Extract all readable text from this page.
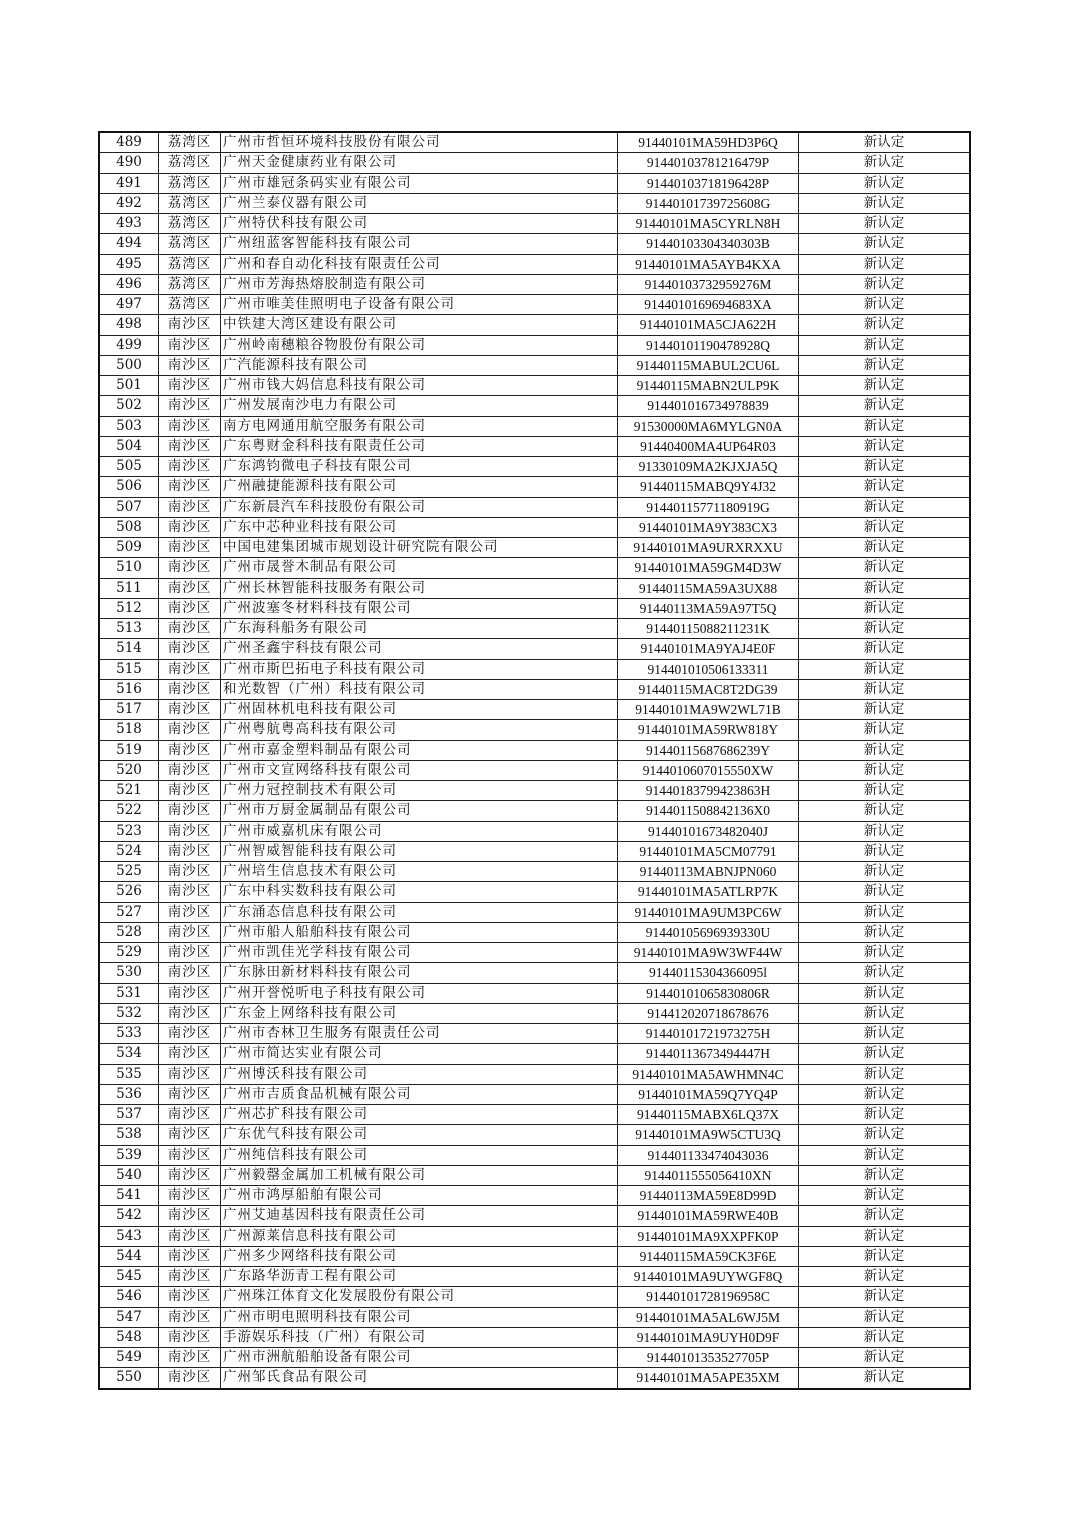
489	荔湾区	广州市哲恒环境科技股份有限公司	91440101MA59HD3P6Q	新认定
490	荔湾区	广州天金健康药业有限公司	91440103781216479P	新认定
491	荔湾区	广州市雄冠条码实业有限公司	91440103718196428P	新认定
492	荔湾区	广州兰泰仪器有限公司	91440101739725608G	新认定
493	荔湾区	广州特伏科技有限公司	91440101MA5CYRLN8H	新认定
494	荔湾区	广州纽蓝客智能科技有限公司	91440103304340303B	新认定
495	荔湾区	广州和春自动化科技有限责任公司	91440101MA5AYB4KXA	新认定
496	荔湾区	广州市芳海热熔胶制造有限公司	91440103732959276M	新认定
497	荔湾区	广州市唯美佳照明电子设备有限公司	9144010169694683XA	新认定
498	南沙区	中铁建大湾区建设有限公司	91440101MA5CJA622H	新认定
499	南沙区	广州岭南穗粮谷物股份有限公司	91440101190478928Q	新认定
500	南沙区	广汽能源科技有限公司	91440115MABUL2CU6L	新认定
501	南沙区	广州市钱大妈信息科技有限公司	91440115MABN2ULP9K	新认定
502	南沙区	广州发展南沙电力有限公司	914401016734978839	新认定
503	南沙区	南方电网通用航空服务有限公司	91530000MA6MYLGN0A	新认定
504	南沙区	广东粤财金科科技有限责任公司	91440400MA4UP64R03	新认定
505	南沙区	广东鸿钧微电子科技有限公司	91330109MA2KJXJA5Q	新认定
506	南沙区	广州融捷能源科技有限公司	91440115MABQ9Y4J32	新认定
507	南沙区	广东新晨汽车科技股份有限公司	91440115771180919G	新认定
508	南沙区	广东中芯种业科技有限公司	91440101MA9Y383CX3	新认定
509	南沙区	中国电建集团城市规划设计研究院有限公司	91440101MA9URXRXXU	新认定
510	南沙区	广州市晟誉木制品有限公司	91440101MA59GM4D3W	新认定
511	南沙区	广州长林智能科技服务有限公司	91440115MA59A3UX88	新认定
512	南沙区	广州波塞冬材料科技有限公司	91440113MA59A97T5Q	新认定
513	南沙区	广东海科船务有限公司	91440115088211231K	新认定
514	南沙区	广州圣鑫宇科技有限公司	91440101MA9YAJ4E0F	新认定
515	南沙区	广州市斯巴拓电子科技有限公司	914401010506133311	新认定
516	南沙区	和光数智（广州）科技有限公司	91440115MAC8T2DG39	新认定
517	南沙区	广州固林机电科技有限公司	91440101MA9W2WL71B	新认定
518	南沙区	广州粤航粤高科技有限公司	91440101MA59RW818Y	新认定
519	南沙区	广州市嘉金塑料制品有限公司	91440115687686239Y	新认定
520	南沙区	广州市文宣网络科技有限公司	9144010607015550XW	新认定
521	南沙区	广州力冠控制技术有限公司	91440183799423863H	新认定
522	南沙区	广州市万厨金属制品有限公司	9144011508842136X0	新认定
523	南沙区	广州市威嘉机床有限公司	91440101673482040J	新认定
524	南沙区	广州智威智能科技有限公司	91440101MA5CM07791	新认定
525	南沙区	广州培生信息技术有限公司	91440113MABNJPN060	新认定
526	南沙区	广东中科实数科技有限公司	91440101MA5ATLRP7K	新认定
527	南沙区	广东涌态信息科技有限公司	91440101MA9UM3PC6W	新认定
528	南沙区	广州市船人船舶科技有限公司	91440105696939330U	新认定
529	南沙区	广州市凯佳光学科技有限公司	91440101MA9W3WF44W	新认定
530	南沙区	广东脉田新材料科技有限公司	91440115304366095l	新认定
531	南沙区	广州开誉悦听电子科技有限公司	91440101065830806R	新认定
532	南沙区	广东金上网络科技有限公司	914412020718678676	新认定
533	南沙区	广州市杏林卫生服务有限责任公司	91440101721973275H	新认定
534	南沙区	广州市简达实业有限公司	91440113673494447H	新认定
535	南沙区	广州博沃科技有限公司	91440101MA5AWHMN4C	新认定
536	南沙区	广州市吉质食品机械有限公司	91440101MA59Q7YQ4P	新认定
537	南沙区	广州芯扩科技有限公司	91440115MABX6LQ37X	新认定
538	南沙区	广东优气科技有限公司	91440101MA9W5CTU3Q	新认定
539	南沙区	广州纯信科技有限公司	914401133474043036	新认定
540	南沙区	广州毅罄金属加工机械有限公司	9144011555056410XN	新认定
541	南沙区	广州市鸿厚船舶有限公司	91440113MA59E8D99D	新认定
542	南沙区	广州艾迪基因科技有限责任公司	91440101MA59RWE40B	新认定
543	南沙区	广州源莱信息科技有限公司	91440101MA9XXPFK0P	新认定
544	南沙区	广州多少网络科技有限公司	91440115MA59CK3F6E	新认定
545	南沙区	广东路华沥青工程有限公司	91440101MA9UYWGF8Q	新认定
546	南沙区	广州珠江体育文化发展股份有限公司	91440101728196958C	新认定
547	南沙区	广州市明电照明科技有限公司	91440101MA5AL6WJ5M	新认定
548	南沙区	手游娱乐科技（广州）有限公司	91440101MA9UYH0D9F	新认定
549	南沙区	广州市洲航船舶设备有限公司	91440101353527705P	新认定
550	南沙区	广州邹氏食品有限公司	91440101MA5APE35XM	新认定
